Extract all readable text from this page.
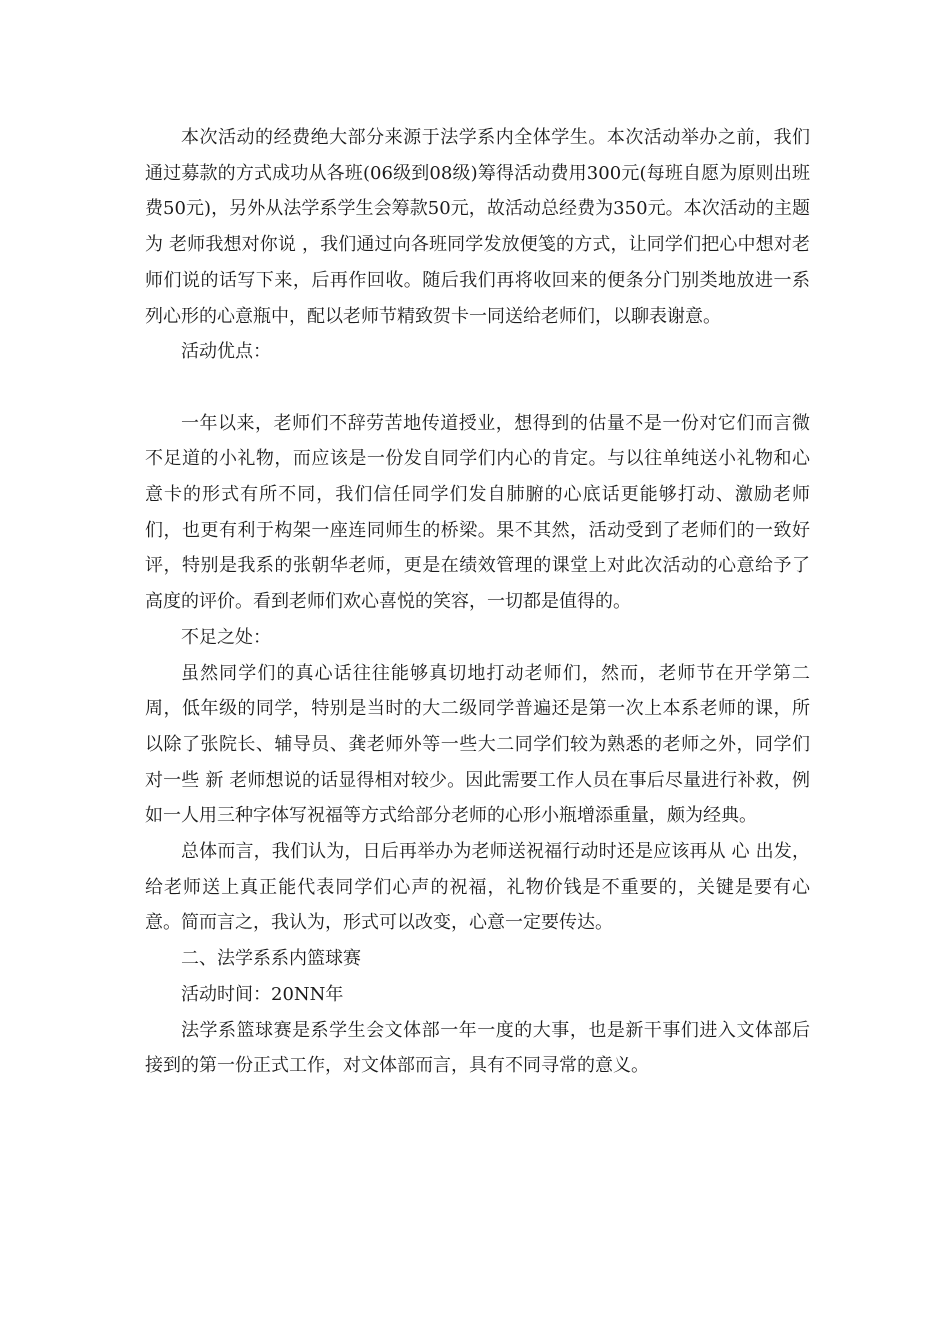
本次活动的经费绝大部分来源于法学系内全体学生。本次活动举办之前，我们通过募款的方式成功从各班(06级到08级)筹得活动费用300元(每班自愿为原则出班费50元)，另外从法学系学生会筹款50元，故活动总经费为350元。本次活动的主题为 老师我想对你说 ，我们通过向各班同学发放便笺的方式，让同学们把心中想对老师们说的话写下来，后再作回收。随后我们再将收回来的便条分门别类地放进一系列心形的心意瓶中，配以老师节精致贺卡一同送给老师们，以聊表谢意。

活动优点：

一年以来，老师们不辞劳苦地传道授业，想得到的估量不是一份对它们而言微不足道的小礼物，而应该是一份发自同学们内心的肯定。与以往单纯送小礼物和心意卡的形式有所不同，我们信任同学们发自肺腑的心底话更能够打动、激励老师们，也更有利于构架一座连同师生的桥梁。果不其然，活动受到了老师们的一致好评，特别是我系的张朝华老师，更是在绩效管理的课堂上对此次活动的心意给予了高度的评价。看到老师们欢心喜悦的笑容，一切都是值得的。

不足之处：

虽然同学们的真心话往往能够真切地打动老师们，然而，老师节在开学第二周，低年级的同学，特别是当时的大二级同学普遍还是第一次上本系老师的课，所以除了张院长、辅导员、龚老师外等一些大二同学们较为熟悉的老师之外，同学们对一些 新 老师想说的话显得相对较少。因此需要工作人员在事后尽量进行补救，例如一人用三种字体写祝福等方式给部分老师的心形小瓶增添重量，颇为经典。

总体而言，我们认为，日后再举办为老师送祝福行动时还是应该再从 心 出发，给老师送上真正能代表同学们心声的祝福，礼物价钱是不重要的，关键是要有心意。简而言之，我认为，形式可以改变，心意一定要传达。

二、法学系系内篮球赛

活动时间：20NN年

法学系篮球赛是系学生会文体部一年一度的大事，也是新干事们进入文体部后接到的第一份正式工作，对文体部而言，具有不同寻常的意义。
